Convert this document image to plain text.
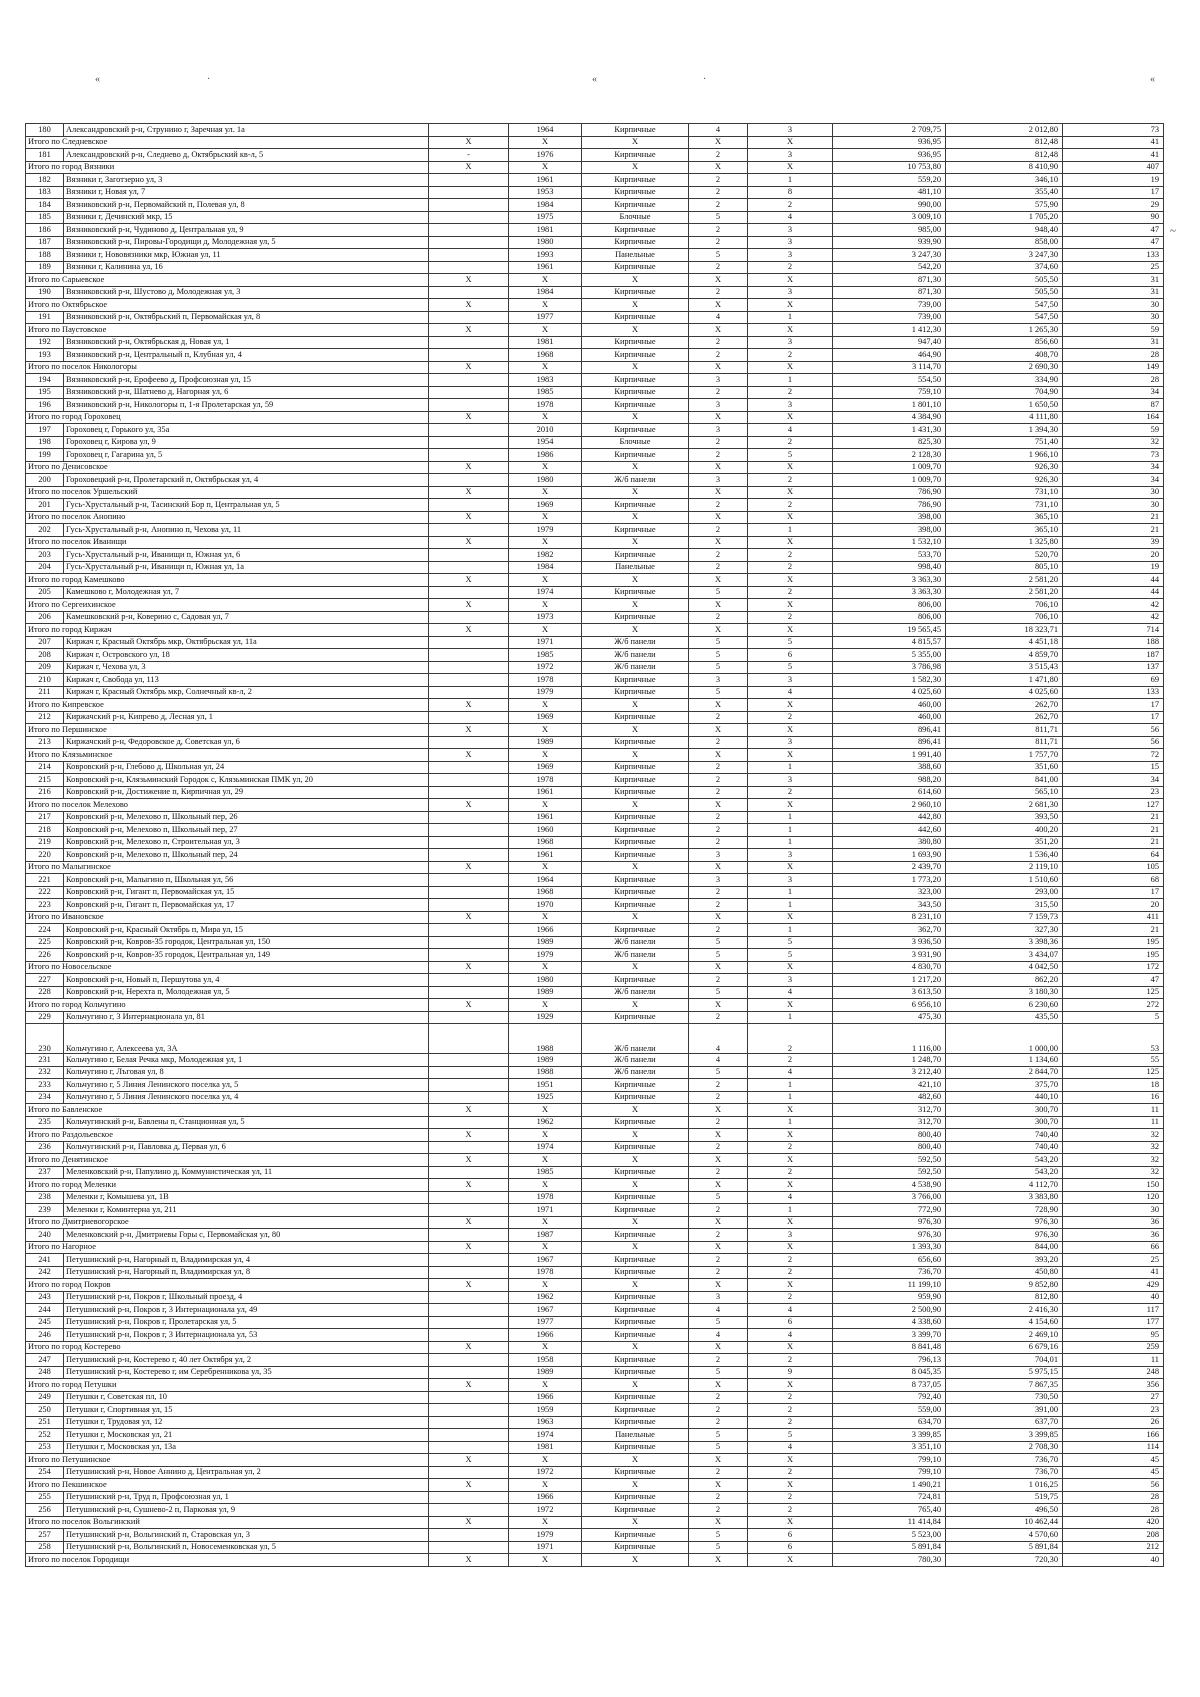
«	·	«	·	«
~
180	Александровский р-н, Струнино г, Заречная ул. 1а		1964	Кирпичные	4	3	2 709,75	2 012,80	73
Итого по Следневское		X	X	X	X	X	936,95	812,48	41
181	Александровский р-н, Следнево д, Октябрьский кв-л, 5	-	1976	Кирпичные	2	3	936,95	812,48	41
Итого по город Вязники		X	X	X	X	X	10 753,80	8 410,90	407
182	Вязники г, Заготзерно ул, 3		1961	Кирпичные	2	1	559,20	346,10	19
183	Вязники г, Новая ул, 7		1953	Кирпичные	2	8	481,10	355,40	17
184	Вязниковский р-н, Первомайский п, Полевая ул, 8		1984	Кирпичные	2	2	990,00	575,90	29
185	Вязники г, Дечинский мкр, 15		1975	Блочные	5	4	3 009,10	1 705,20	90
186	Вязниковский р-н, Чудиново д, Центральная ул, 9		1981	Кирпичные	2	3	985,00	948,40	47
187	Вязниковский р-н, Пировы-Городищи д, Молодежная ул, 5		1980	Кирпичные	2	3	939,90	858,00	47
188	Вязники г, Нововязники мкр, Южная ул, 11		1993	Панельные	5	3	3 247,30	3 247,30	133
189	Вязники г, Калинина ул, 16		1961	Кирпичные	2	2	542,20	374,60	25
Итого по Сарыевское		X	X	X	X	X	871,30	505,50	31
190	Вязниковский р-н, Шустово д, Молодежная ул, 3		1984	Кирпичные	2	3	871,30	505,50	31
Итого по Октябрьское		X	X	X	X	X	739,00	547,50	30
191	Вязниковский р-н, Октябрьский п, Первомайская ул, 8		1977	Кирпичные	4	1	739,00	547,50	30
Итого по Паустовское		X	X	X	X	X	1 412,30	1 265,30	59
192	Вязниковский р-н, Октябрьская д, Новая ул, 1		1981	Кирпичные	2	3	947,40	856,60	31
193	Вязниковский р-н, Центральный п, Клубная ул, 4		1968	Кирпичные	2	2	464,90	408,70	28
Итого по поселок Никологоры		X	X	X	X	X	3 114,70	2 690,30	149
194	Вязниковский р-н, Ерофеево д, Профсоюзная ул, 15		1983	Кирпичные	3	1	554,50	334,90	28
195	Вязниковский р-н, Шатнево д, Нагорная ул, 6		1985	Кирпичные	2	2	759,10	704,90	34
196	Вязниковский р-н, Никологоры п, 1-я Пролетарская ул, 59		1978	Кирпичные	3	3	1 801,10	1 650,50	87
Итого по город Гороховец		X	X	X	X	X	4 384,90	4 111,80	164
197	Гороховец г, Горького ул, 35а		2010	Кирпичные	3	4	1 431,30	1 394,30	59
198	Гороховец г, Кирова ул, 9		1954	Блочные	2	2	825,30	751,40	32
199	Гороховец г, Гагарина ул, 5		1986	Кирпичные	2	5	2 128,30	1 966,10	73
Итого по Денисовское		X	X	X	X	X	1 009,70	926,30	34
200	Гороховецкий р-н, Пролетарский п, Октябрьская ул, 4		1980	Ж/б панели	3	2	1 009,70	926,30	34
Итого по поселок Уршельский		X	X	X	X	X	786,90	731,10	30
201	Гусь-Хрустальный р-н, Тасинский Бор п, Центральная ул, 5		1969	Кирпичные	2	2	786,90	731,10	30
Итого по поселок Анопино		X	X	X	X	X	398,00	365,10	21
202	Гусь-Хрустальный р-н, Анопино п, Чехова ул, 11		1979	Кирпичные	2	1	398,00	365,10	21
Итого по поселок Иванищи		X	X	X	X	X	1 532,10	1 325,80	39
203	Гусь-Хрустальный р-н, Иванищи п, Южная ул, 6		1982	Кирпичные	2	2	533,70	520,70	20
204	Гусь-Хрустальный р-н, Иванищи п, Южная ул, 1а		1984	Панельные	2	2	998,40	805,10	19
Итого по город Камешково		X	X	X	X	X	3 363,30	2 581,20	44
205	Камешково г, Молодежная ул, 7		1974	Кирпичные	5	2	3 363,30	2 581,20	44
Итого по Сергеихинское		X	X	X	X	X	806,00	706,10	42
206	Камешковский р-н, Коверино с, Садовая ул, 7		1973	Кирпичные	2	2	806,00	706,10	42
Итого по город Киржач		X	X	X	X	X	19 565,45	18 323,71	714
207	Киржач г, Красный Октябрь мкр, Октябрьская ул, 11а		1971	Ж/б панели	5	5	4 815,57	4 451,18	188
208	Киржач г, Островского ул, 18		1985	Ж/б панели	5	6	5 355,00	4 859,70	187
209	Киржач г, Чехова ул, 3		1972	Ж/б панели	5	5	3 786,98	3 515,43	137
210	Киржач г, Свобода ул, 113		1978	Кирпичные	3	3	1 582,30	1 471,80	69
211	Киржач г, Красный Октябрь мкр, Солнечный кв-л, 2		1979	Кирпичные	5	4	4 025,60	4 025,60	133
Итого по Кипревское		X	X	X	X	X	460,00	262,70	17
212	Киржачский р-н, Кипрево д, Лесная ул, 1		1969	Кирпичные	2	2	460,00	262,70	17
Итого по Першинское		X	X	X	X	X	896,41	811,71	56
213	Киржачский р-н, Федоровское д, Советская ул, 6		1989	Кирпичные	2	3	896,41	811,71	56
Итого по Клязьминское		X	X	X	X	X	1 991,40	1 757,70	72
214	Ковровский р-н, Глебово д, Школьная ул, 24		1969	Кирпичные	2	1	388,60	351,60	15
215	Ковровский р-н, Клязьминский Городок с, Клязьминская ПМК ул, 20		1978	Кирпичные	2	3	988,20	841,00	34
216	Ковровский р-н, Достижение п, Кирпичная ул, 29		1961	Кирпичные	2	2	614,60	565,10	23
Итого по поселок Мелехово		X	X	X	X	X	2 960,10	2 681,30	127
217	Ковровский р-н, Мелехово п, Школьный пер, 26		1961	Кирпичные	2	1	442,80	393,50	21
218	Ковровский р-н, Мелехово п, Школьный пер, 27		1960	Кирпичные	2	1	442,60	400,20	21
219	Ковровский р-н, Мелехово п, Строительная ул, 3		1968	Кирпичные	2	1	380,80	351,20	21
220	Ковровский р-н, Мелехово п, Школьный пер, 24		1961	Кирпичные	3	3	1 693,90	1 536,40	64
Итого по Малыгинское		X	X	X	X	X	2 439,70	2 119,10	105
221	Ковровский р-н, Малыгино п, Школьная ул, 56		1964	Кирпичные	3	3	1 773,20	1 510,60	68
222	Ковровский р-н, Гигант п, Первомайская ул, 15		1968	Кирпичные	2	1	323,00	293,00	17
223	Ковровский р-н, Гигант п, Первомайская ул, 17		1970	Кирпичные	2	1	343,50	315,50	20
Итого по Ивановское		X	X	X	X	X	8 231,10	7 159,73	411
224	Ковровский р-н, Красный Октябрь п, Мира ул, 15		1966	Кирпичные	2	1	362,70	327,30	21
225	Ковровский р-н, Ковров-35 городок, Центральная ул, 150		1989	Ж/б панели	5	5	3 936,50	3 398,36	195
226	Ковровский р-н, Ковров-35 городок, Центральная ул, 149		1979	Ж/б панели	5	5	3 931,90	3 434,07	195
Итого по Новосельское		X	X	X	X	X	4 830,70	4 042,50	172
227	Ковровский р-н, Новый п, Першутова ул, 4		1980	Кирпичные	2	3	1 217,20	862,20	47
228	Ковровский р-н, Нерехта п, Молодежная ул, 5		1989	Ж/б панели	5	4	3 613,50	3 180,30	125
Итого по город Кольчугино		X	X	X	X	X	6 956,10	6 230,60	272
229	Кольчугино г, 3 Интернационала ул, 81		1929	Кирпичные	2	1	475,30	435,50	5
230	Кольчугино г, Алексеева ул, 3А		1988	Ж/б панели	4	2	1 116,00	1 000,00	53
231	Кольчугино г, Белая Речка мкр, Молодежная ул, 1		1989	Ж/б панели	4	2	1 248,70	1 134,60	55
232	Кольчугино г, Лъговая ул, 8		1988	Ж/б панели	5	4	3 212,40	2 844,70	125
233	Кольчугино г, 5 Линия Ленинского поселка ул, 5		1951	Кирпичные	2	1	421,10	375,70	18
234	Кольчугино г, 5 Линия Ленинского поселка ул, 4		1925	Кирпичные	2	1	482,60	440,10	16
Итого по Бавленское		X	X	X	X	X	312,70	300,70	11
235	Кольчугинский р-н, Бавлены п, Станционная ул, 5		1962	Кирпичные	2	1	312,70	300,70	11
Итого по Раздольевское		X	X	X	X	X	800,40	740,40	32
236	Кольчугинский р-н, Павловка д, Первая ул, 6		1974	Кирпичные	2	2	800,40	740,40	32
Итого по Денятинское		X	X	X	X	X	592,50	543,20	32
237	Меленковский р-н, Папулино д, Коммунистическая ул, 11		1985	Кирпичные	2	2	592,50	543,20	32
Итого по город Меленки		X	X	X	X	X	4 538,90	4 112,70	150
238	Меленки г, Комышева ул, 1В		1978	Кирпичные	5	4	3 766,00	3 383,80	120
239	Меленки г, Коминтерна ул, 211		1971	Кирпичные	2	1	772,90	728,90	30
Итого по Дмитриевогорское		X	X	X	X	X	976,30	976,30	36
240	Меленковский р-н, Дмитриевы Горы с, Первомайская ул, 80		1987	Кирпичные	2	3	976,30	976,30	36
Итого по Нагорное		X	X	X	X	X	1 393,30	844,00	66
241	Петушинский р-н, Нагорный п, Владимирская ул, 4		1967	Кирпичные	2	2	656,60	393,20	25
242	Петушинский р-н, Нагорный п, Владимирская ул, 8		1978	Кирпичные	2	2	736,70	450,80	41
Итого по город Покров		X	X	X	X	X	11 199,10	9 852,80	429
243	Петушинский р-н, Покров г, Школьный проезд, 4		1962	Кирпичные	3	2	959,90	812,80	40
244	Петушинский р-н, Покров г, 3 Интернационала ул, 49		1967	Кирпичные	4	4	2 500,90	2 416,30	117
245	Петушинский р-н, Покров г, Пролетарская ул, 5		1977	Кирпичные	5	6	4 338,60	4 154,60	177
246	Петушинский р-н, Покров г, 3 Интернационала ул, 53		1966	Кирпичные	4	4	3 399,70	2 469,10	95
Итого по город Костерево		X	X	X	X	X	8 841,48	6 679,16	259
247	Петушинский р-н, Костерево г, 40 лет Октября ул, 2		1958	Кирпичные	2	2	796,13	704,01	11
248	Петушинский р-н, Костерево г, им Серебренникова ул, 35		1989	Кирпичные	5	9	8 045,35	5 975,15	248
Итого по город Петушки		X	X	X	X	X	8 737,05	7 867,35	356
249	Петушки г, Советская пл, 10		1966	Кирпичные	2	2	792,40	730,50	27
250	Петушки г, Спортивная ул, 15		1959	Кирпичные	2	2	559,00	391,00	23
251	Петушки г, Трудовая ул, 12		1963	Кирпичные	2	2	634,70	637,70	26
252	Петушки г, Московская ул, 21		1974	Панельные	5	5	3 399,85	3 399,85	166
253	Петушки г, Московская ул, 13а		1981	Кирпичные	5	4	3 351,10	2 708,30	114
Итого по Петушинское		X	X	X	X	X	799,10	736,70	45
254	Петушинский р-н, Новое Аннино д, Центральная ул, 2		1972	Кирпичные	2	2	799,10	736,70	45
Итого по Пекшинское		X	X	X	X	X	1 490,21	1 016,25	56
255	Петушинский р-н, Труд п, Профсоюзная ул, 1		1966	Кирпичные	2	2	724,81	519,75	28
256	Петушинский р-н, Сушнево-2 п, Парковая ул, 9		1972	Кирпичные	2	2	765,40	496,50	28
Итого по поселок Вольгинский		X	X	X	X	X	11 414,84	10 462,44	420
257	Петушинский р-н, Вольгинский п, Старовская ул, 3		1979	Кирпичные	5	6	5 523,00	4 570,60	208
258	Петушинский р-н, Вольгинский п, Новосеменковская ул, 5		1971	Кирпичные	5	6	5 891,84	5 891,84	212
Итого по поселок Городищи		X	X	X	X	X	780,30	720,30	40
